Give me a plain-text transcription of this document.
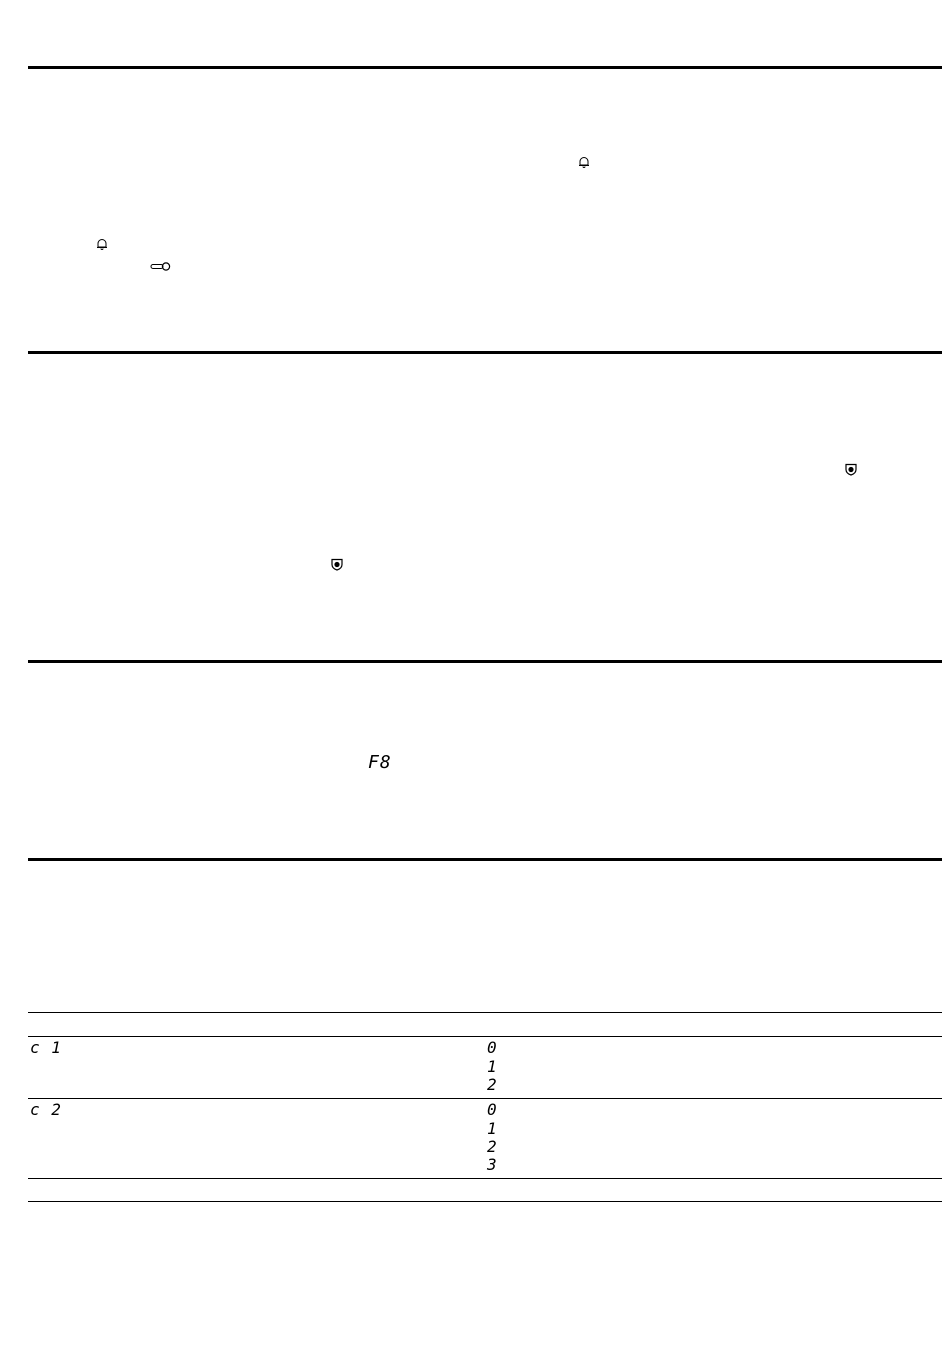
F8
c 1	0
1
2
c 2	0
1
2
3
